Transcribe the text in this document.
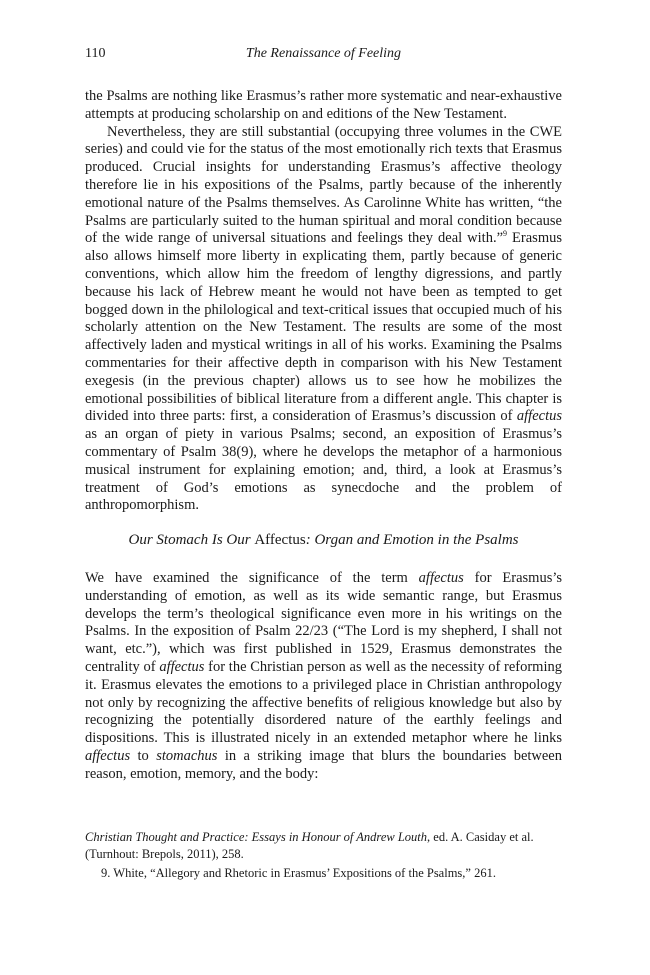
110	The Renaissance of Feeling

the Psalms are nothing like Erasmus’s rather more systematic and near-exhaustive attempts at producing scholarship on and editions of the New Testament.

Nevertheless, they are still substantial (occupying three volumes in the CWE series) and could vie for the status of the most emotionally rich texts that Erasmus produced. Crucial insights for understanding Erasmus’s affective theology therefore lie in his expositions of the Psalms, partly because of the inherently emotional nature of the Psalms themselves. As Carolinne White has written, “the Psalms are particularly suited to the human spiritual and moral condition because of the wide range of universal situations and feelings they deal with.”$^9$ Erasmus also allows himself more liberty in explicating them, partly because of generic conventions, which allow him the freedom of lengthy digressions, and partly because his lack of Hebrew meant he would not have been as tempted to get bogged down in the philological and text-critical issues that occupied much of his scholarly attention on the New Testament. The results are some of the most affectively laden and mystical writings in all of his works. Examining the Psalms commentaries for their affective depth in comparison with his New Testament exegesis (in the previous chapter) allows us to see how he mobilizes the emotional possibilities of biblical literature from a different angle. This chapter is divided into three parts: first, a consideration of Erasmus’s discussion of affectus as an organ of piety in various Psalms; second, an exposition of Erasmus’s commentary of Psalm 38(9), where he develops the metaphor of a harmonious musical instrument for explaining emotion; and, third, a look at Erasmus’s treatment of God’s emotions as synecdoche and the problem of anthropomorphism.

Our Stomach Is Our Affectus: Organ and Emotion in the Psalms

We have examined the significance of the term affectus for Erasmus’s understanding of emotion, as well as its wide semantic range, but Erasmus develops the term’s theological significance even more in his writings on the Psalms. In the exposition of Psalm 22/23 (“The Lord is my shepherd, I shall not want, etc.”), which was first published in 1529, Erasmus demonstrates the centrality of affectus for the Christian person as well as the necessity of reforming it. Erasmus elevates the emotions to a privileged place in Christian anthropology not only by recognizing the affective benefits of religious knowledge but also by recognizing the potentially disordered nature of the earthly feelings and dispositions. This is illustrated nicely in an extended metaphor where he links affectus to stomachus in a striking image that blurs the boundaries between reason, emotion, memory, and the body:

Christian Thought and Practice: Essays in Honour of Andrew Louth, ed. A. Casiday et al. (Turnhout: Brepols, 2011), 258.

9. White, “Allegory and Rhetoric in Erasmus’ Expositions of the Psalms,” 261.
